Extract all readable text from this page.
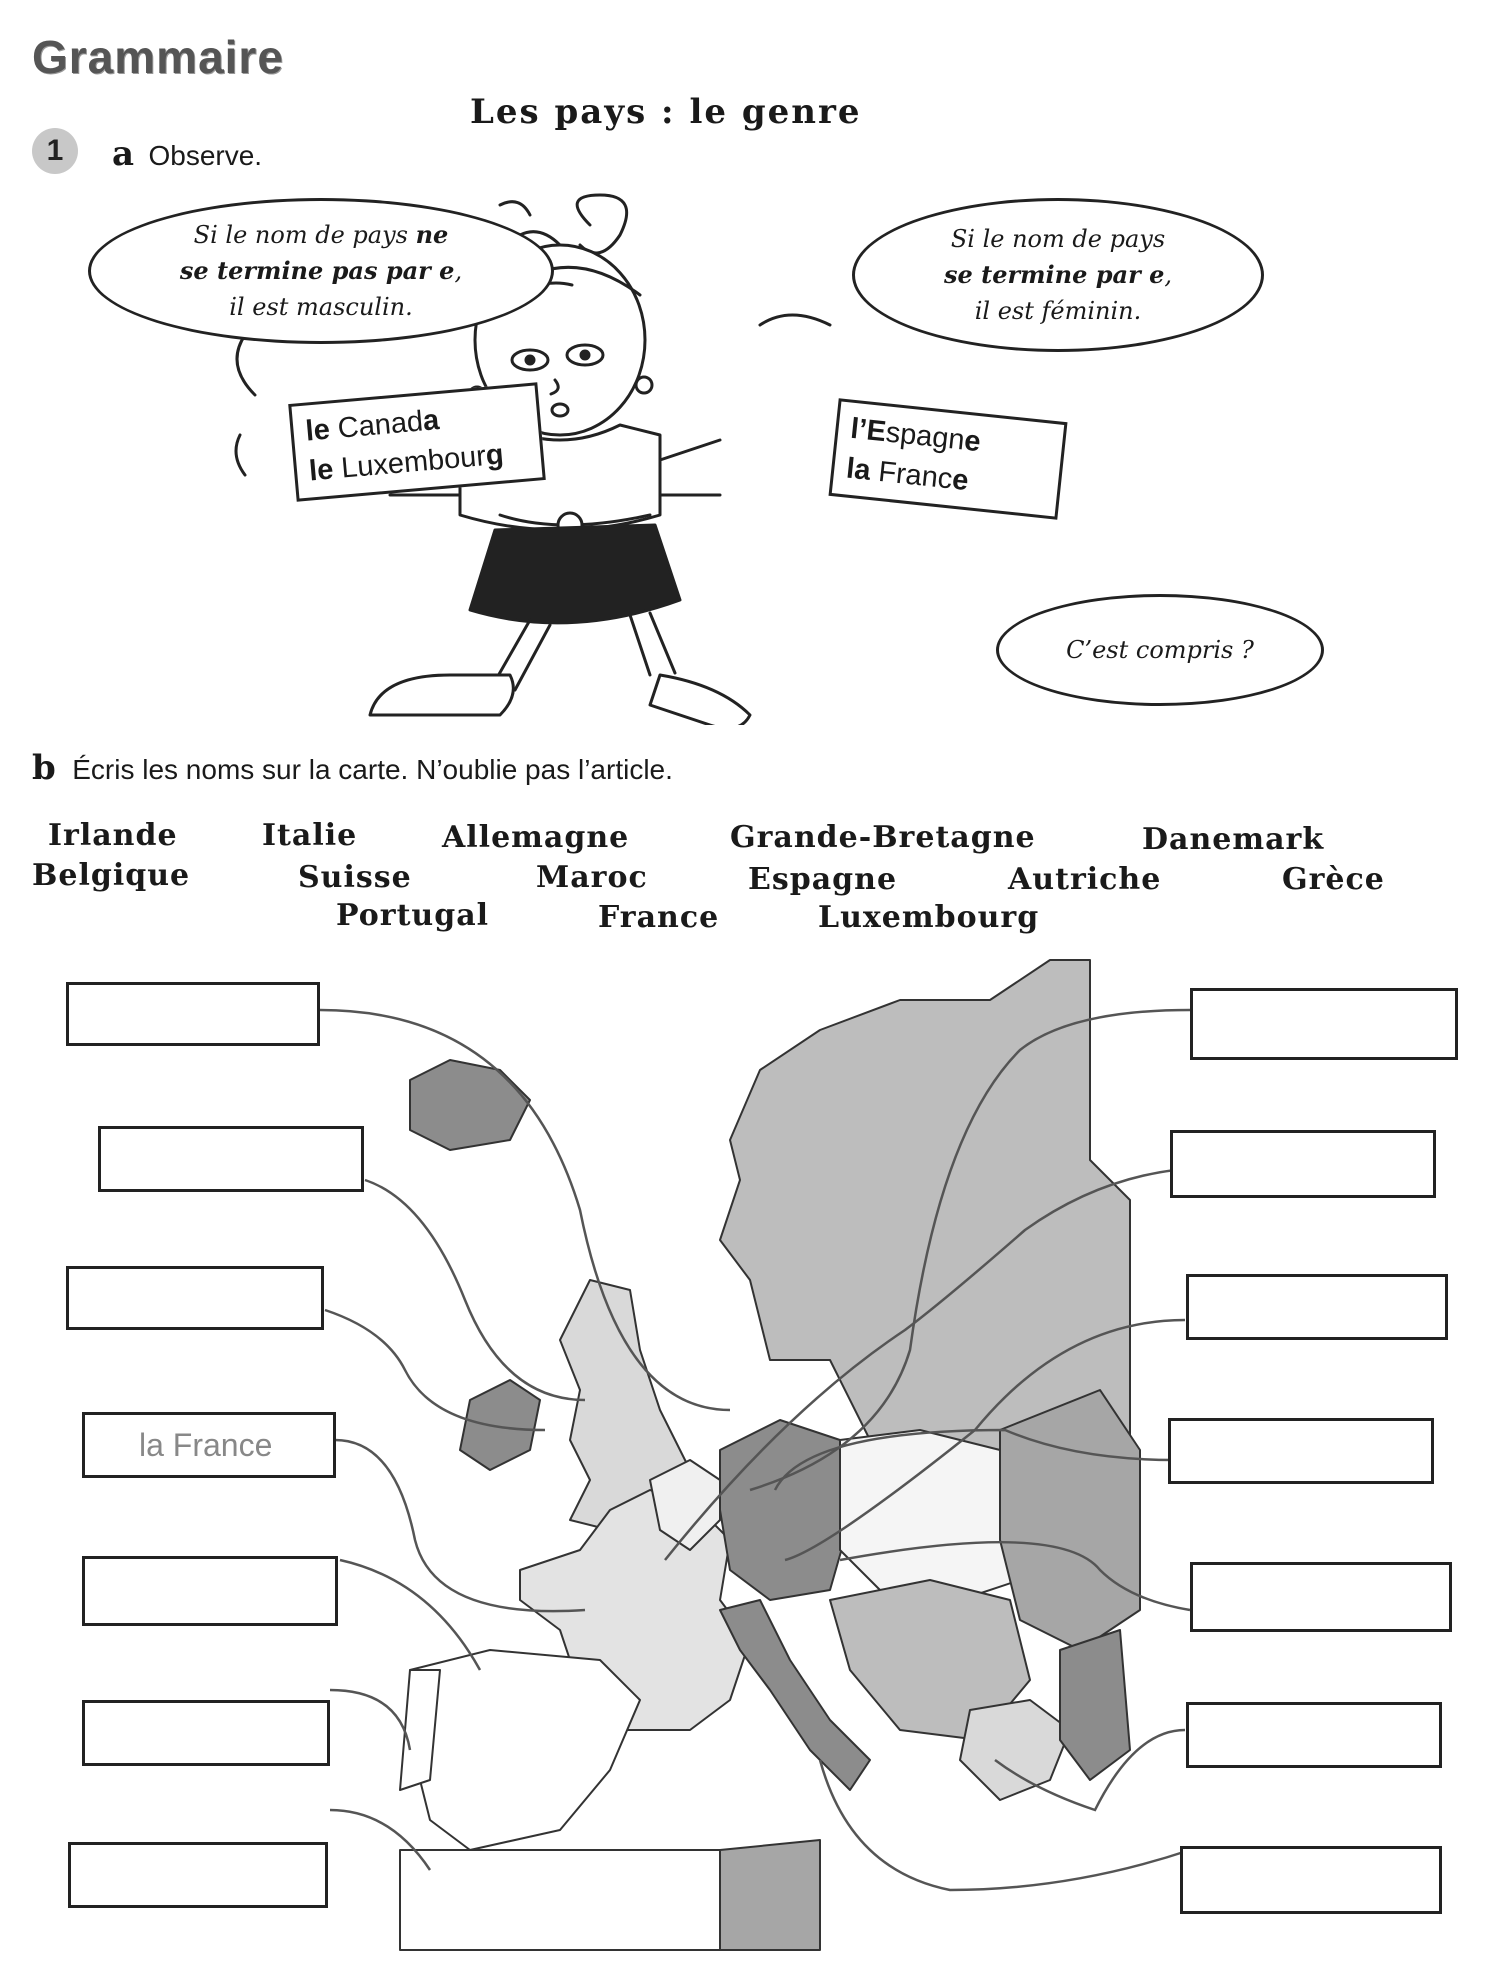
Grammaire
Les pays : le genre
1	a Observe.
Si le nom de pays ne
se termine pas par e,
il est masculin.
Si le nom de pays
se termine par e,
il est féminin.
C’est compris ?
le Canada
le Luxembourg
l’Espagne
la France
b Écris les noms sur la carte. N’oublie pas l’article.
Irlande	Italie	Allemagne	Grande-Bretagne	Danemark
Belgique	Suisse	Maroc	Espagne	Autriche	Grèce
Portugal	France	Luxembourg
la France
